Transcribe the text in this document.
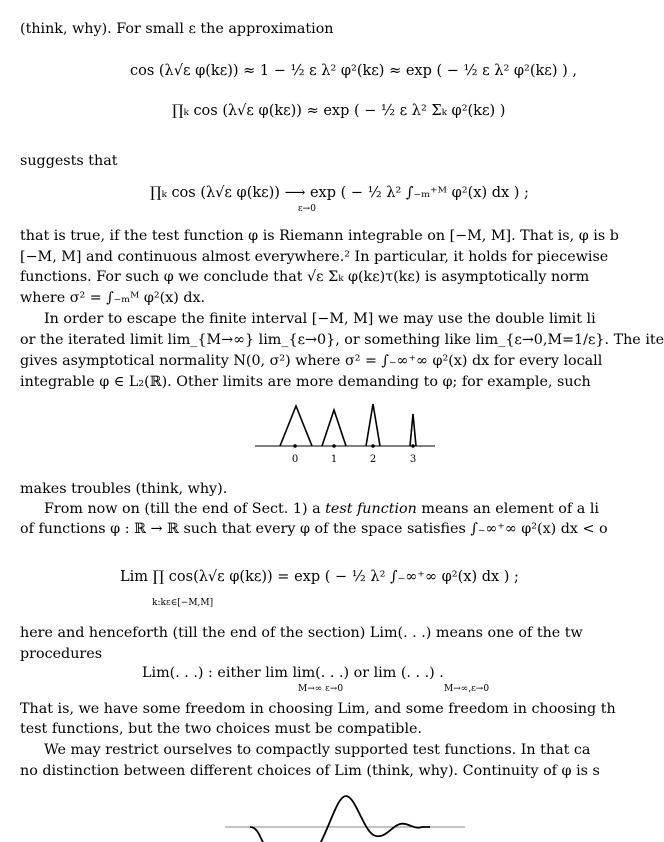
(think, why). For small ε the approximation
cos (λ√ε φ(kε)) ≈ 1 − ½ ε λ² φ²(kε) ≈ exp ( − ½ ε λ² φ²(kε) ) ,
∏ₖ cos (λ√ε φ(kε)) ≈ exp ( − ½ ε λ² Σₖ φ²(kε) )
suggests that
∏ₖ cos (λ√ε φ(kε)) ⟶ exp ( − ½ λ² ∫₋ₘ⁺ᴹ φ²(x) dx ) ;
ε→0
that is true, if the test function φ is Riemann integrable on [−M, M]. That is, φ is b
[−M, M] and continuous almost everywhere.² In particular, it holds for piecewise
functions. For such φ we conclude that √ε Σₖ φ(kε)τ(kε) is asymptotically norm
where σ² = ∫₋ₘᴹ φ²(x) dx.
In order to escape the finite interval [−M, M] we may use the double limit li
or the iterated limit lim_{M→∞} lim_{ε→0}, or something like lim_{ε→0,M=1/ε}. The ite
gives asymptotical normality N(0, σ²) where σ² = ∫₋∞⁺∞ φ²(x) dx for every locall
integrable φ ∈ L₂(ℝ). Other limits are more demanding to φ; for example, such
0	1	2	3
makes troubles (think, why).
From now on (till the end of Sect. 1) a test function means an element of a li
of functions φ : ℝ → ℝ such that every φ of the space satisfies ∫₋∞⁺∞ φ²(x) dx < o
Lim ∏ cos(λ√ε φ(kε)) = exp ( − ½ λ² ∫₋∞⁺∞ φ²(x) dx ) ;
k:kε∈[−M,M]
here and henceforth (till the end of the section) Lim(. . .) means one of the tw
procedures
Lim(. . .) : either lim lim(. . .) or lim (. . .) .
M→∞ ε→0	M→∞,ε→0
That is, we have some freedom in choosing Lim, and some freedom in choosing th
test functions, but the two choices must be compatible.
We may restrict ourselves to compactly supported test functions. In that ca
no distinction between different choices of Lim (think, why). Continuity of φ is s
